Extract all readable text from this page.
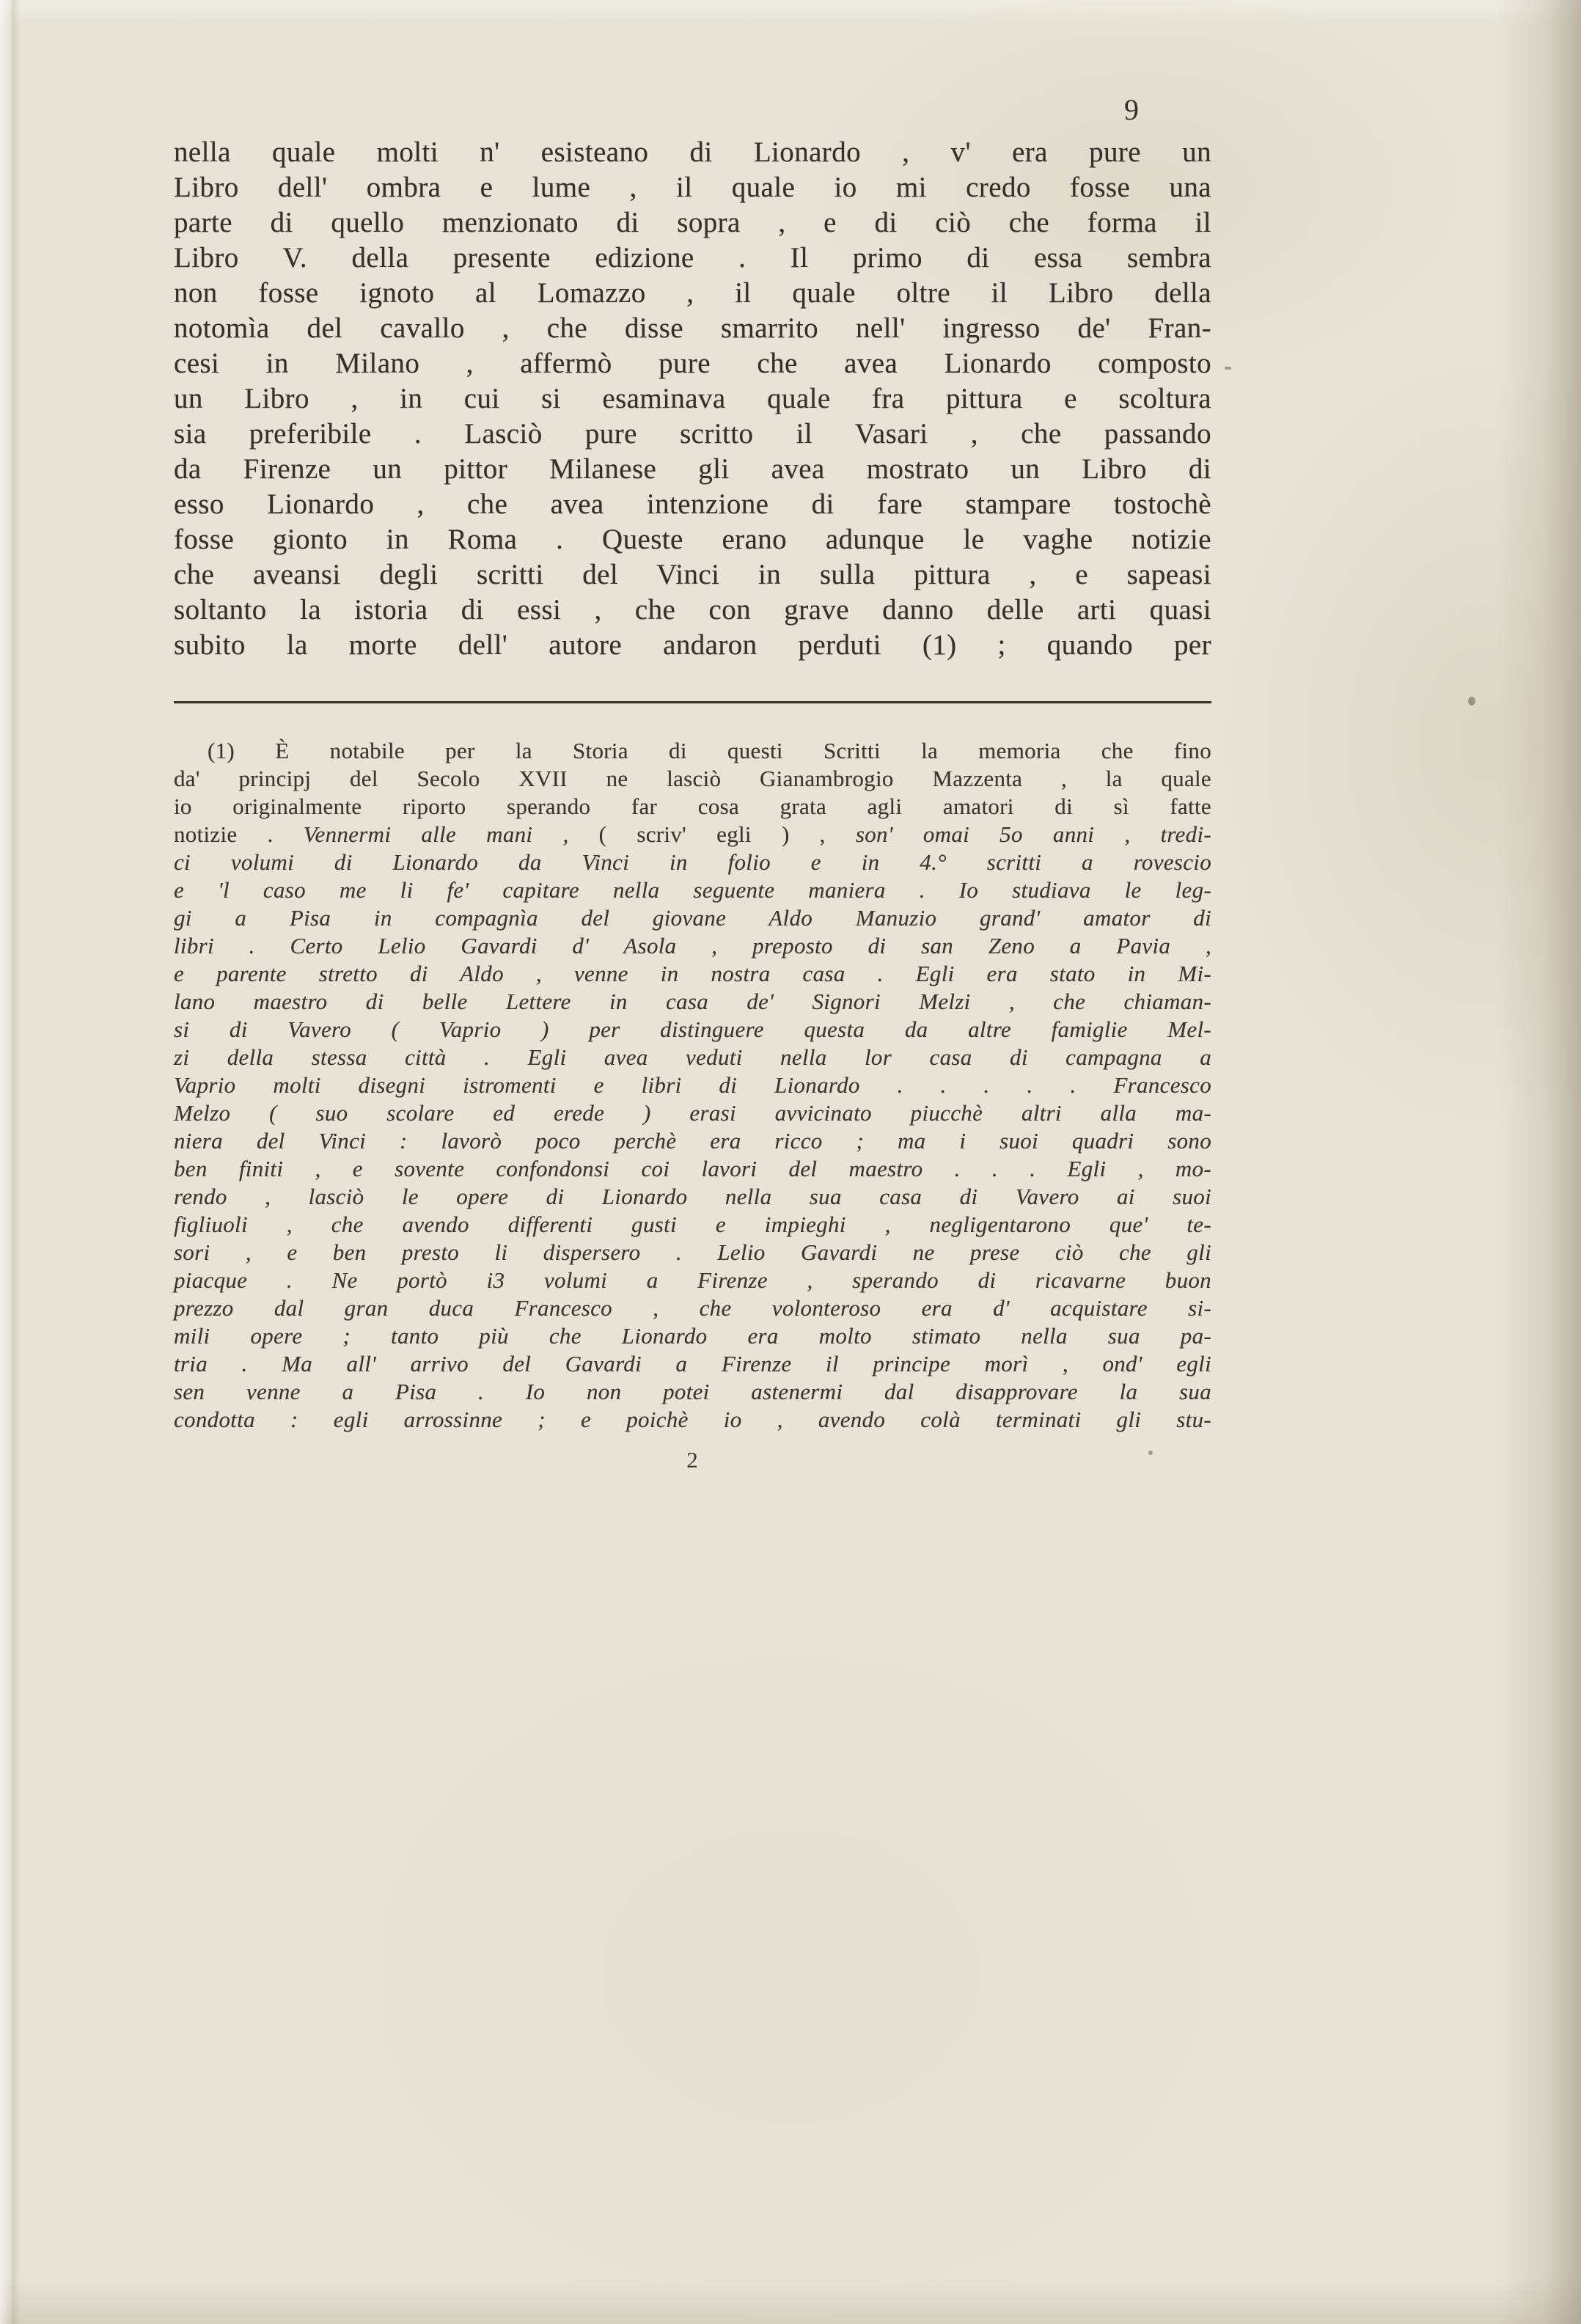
9
nella quale molti n' esisteano di Lionardo , v' era pure un
Libro dell' ombra e lume , il quale io mi credo fosse una
parte di quello menzionato di sopra , e di ciò che forma il
Libro V. della presente edizione . Il primo di essa sembra
non fosse ignoto al Lomazzo , il quale oltre il Libro della
notomìa del cavallo , che disse smarrito nell' ingresso de' Fran-
cesi in Milano , affermò pure che avea Lionardo composto
un Libro , in cui si esaminava quale fra pittura e scoltura
sia preferibile . Lasciò pure scritto il Vasari , che passando
da Firenze un pittor Milanese gli avea mostrato un Libro di
esso Lionardo , che avea intenzione di fare stampare tostochè
fosse gionto in Roma . Queste erano adunque le vaghe notizie
che aveansi degli scritti del Vinci in sulla pittura , e sapeasi
soltanto la istoria di essi , che con grave danno delle arti quasi
subito la morte dell' autore andaron perduti (1) ; quando per
(1) È notabile per la Storia di questi Scritti la memoria che fino
da' principj del Secolo XVII ne lasciò Gianambrogio Mazzenta , la quale
io originalmente riporto sperando far cosa grata agli amatori di sì fatte
notizie . Vennermi alle mani , ( scriv' egli ) , son' omai 5o anni , tredi-
ci volumi di Lionardo da Vinci in folio e in 4.° scritti a rovescio
e 'l caso me li fe' capitare nella seguente maniera . Io studiava le leg-
gi a Pisa in compagnìa del giovane Aldo Manuzio grand' amator di
libri . Certo Lelio Gavardi d' Asola , preposto di san Zeno a Pavia ,
e parente stretto di Aldo , venne in nostra casa . Egli era stato in Mi-
lano maestro di belle Lettere in casa de' Signori Melzi , che chiaman-
si di Vavero ( Vaprio ) per distinguere questa da altre famiglie Mel-
zi della stessa città . Egli avea veduti nella lor casa di campagna a
Vaprio molti disegni istromenti e libri di Lionardo . . . . . Francesco
Melzo ( suo scolare ed erede ) erasi avvicinato piucchè altri alla ma-
niera del Vinci : lavorò poco perchè era ricco ; ma i suoi quadri sono
ben finiti , e sovente confondonsi coi lavori del maestro . . . Egli , mo-
rendo , lasciò le opere di Lionardo nella sua casa di Vavero ai suoi
figliuoli , che avendo differenti gusti e impieghi , negligentarono que' te-
sori , e ben presto li dispersero . Lelio Gavardi ne prese ciò che gli
piacque . Ne portò i3 volumi a Firenze , sperando di ricavarne buon
prezzo dal gran duca Francesco , che volonteroso era d' acquistare si-
mili opere ; tanto più che Lionardo era molto stimato nella sua pa-
tria . Ma all' arrivo del Gavardi a Firenze il principe morì , ond' egli
sen venne a Pisa . Io non potei astenermi dal disapprovare la sua
condotta : egli arrossinne ; e poichè io , avendo colà terminati gli stu-
2
